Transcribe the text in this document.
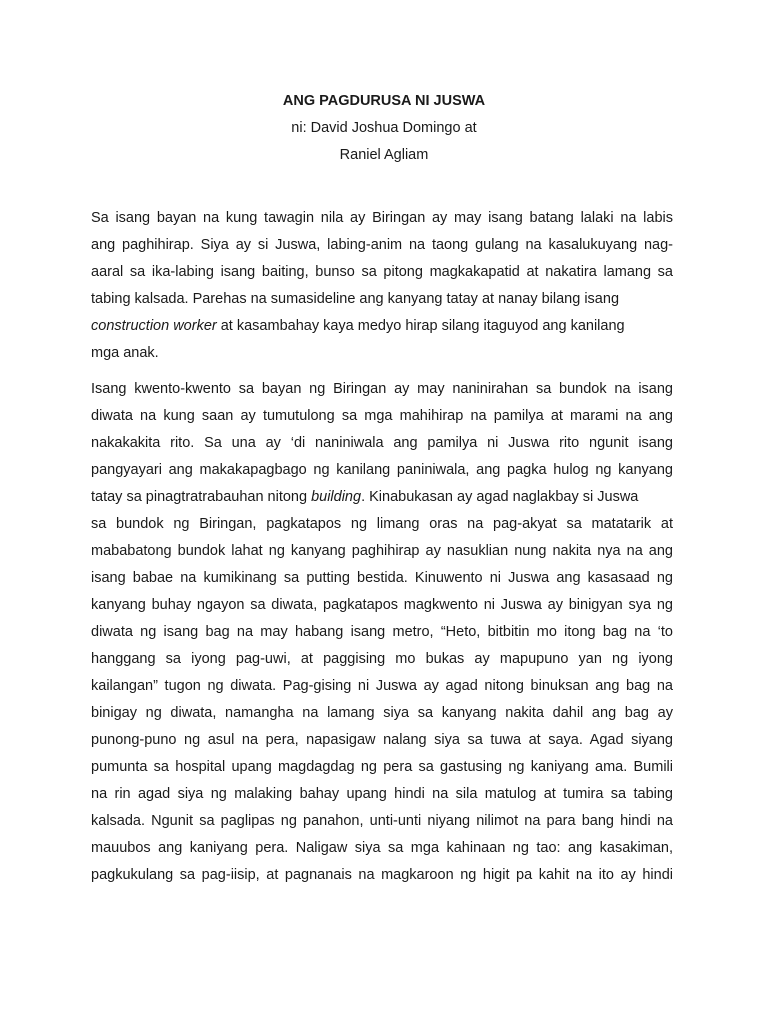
ANG PAGDURUSA NI JUSWA
ni: David Joshua Domingo at
Raniel Agliam
Sa isang bayan na kung tawagin nila ay Biringan ay may isang batang lalaki na labis
ang paghihirap. Siya ay si Juswa, labing-anim na taong gulang na kasalukuyang nag-
aaral sa ika-labing isang baiting, bunso sa pitong magkakapatid at nakatira lamang sa
tabing kalsada. Parehas na sumasideline ang kanyang tatay at nanay bilang isang
construction worker at kasambahay kaya medyo hirap silang itaguyod ang kanilang
mga anak.
Isang kwento-kwento sa bayan ng Biringan ay may naninirahan sa bundok na isang
diwata na kung saan ay tumutulong sa mga mahihirap na pamilya at marami na ang
nakakakita rito. Sa una ay ‘di naniniwala ang pamilya ni Juswa rito ngunit isang
pangyayari ang makakapagbago ng kanilang paniniwala, ang pagka hulog ng kanyang
tatay sa pinagtratrabauhan nitong building. Kinabukasan ay agad naglakbay si Juswa
sa bundok ng Biringan, pagkatapos ng limang oras na pag-akyat sa matatarik at
mababatong bundok lahat ng kanyang paghihirap ay nasuklian nung nakita nya na ang
isang babae na kumikinang sa putting bestida. Kinuwento ni Juswa ang kasasaad ng
kanyang buhay ngayon sa diwata, pagkatapos magkwento ni Juswa ay binigyan sya ng
diwata ng isang bag na may habang isang metro, “Heto, bitbitin mo itong bag na ‘to
hanggang sa iyong pag-uwi, at paggising mo bukas ay mapupuno yan ng iyong
kailangan” tugon ng diwata. Pag-gising ni Juswa ay agad nitong binuksan ang bag na
binigay ng diwata, namangha na lamang siya sa kanyang nakita dahil ang bag ay
punong-puno ng asul na pera, napasigaw nalang siya sa tuwa at saya. Agad siyang
pumunta sa hospital upang magdagdag ng pera sa gastusing ng kaniyang ama. Bumili
na rin agad siya ng malaking bahay upang hindi na sila matulog at tumira sa tabing
kalsada. Ngunit sa paglipas ng panahon, unti-unti niyang nilimot na para bang hindi na
mauubos ang kaniyang pera. Naligaw siya sa mga kahinaan ng tao: ang kasakiman,
pagkukulang sa pag-iisip, at pagnanais na magkaroon ng higit pa kahit na ito ay hindi
